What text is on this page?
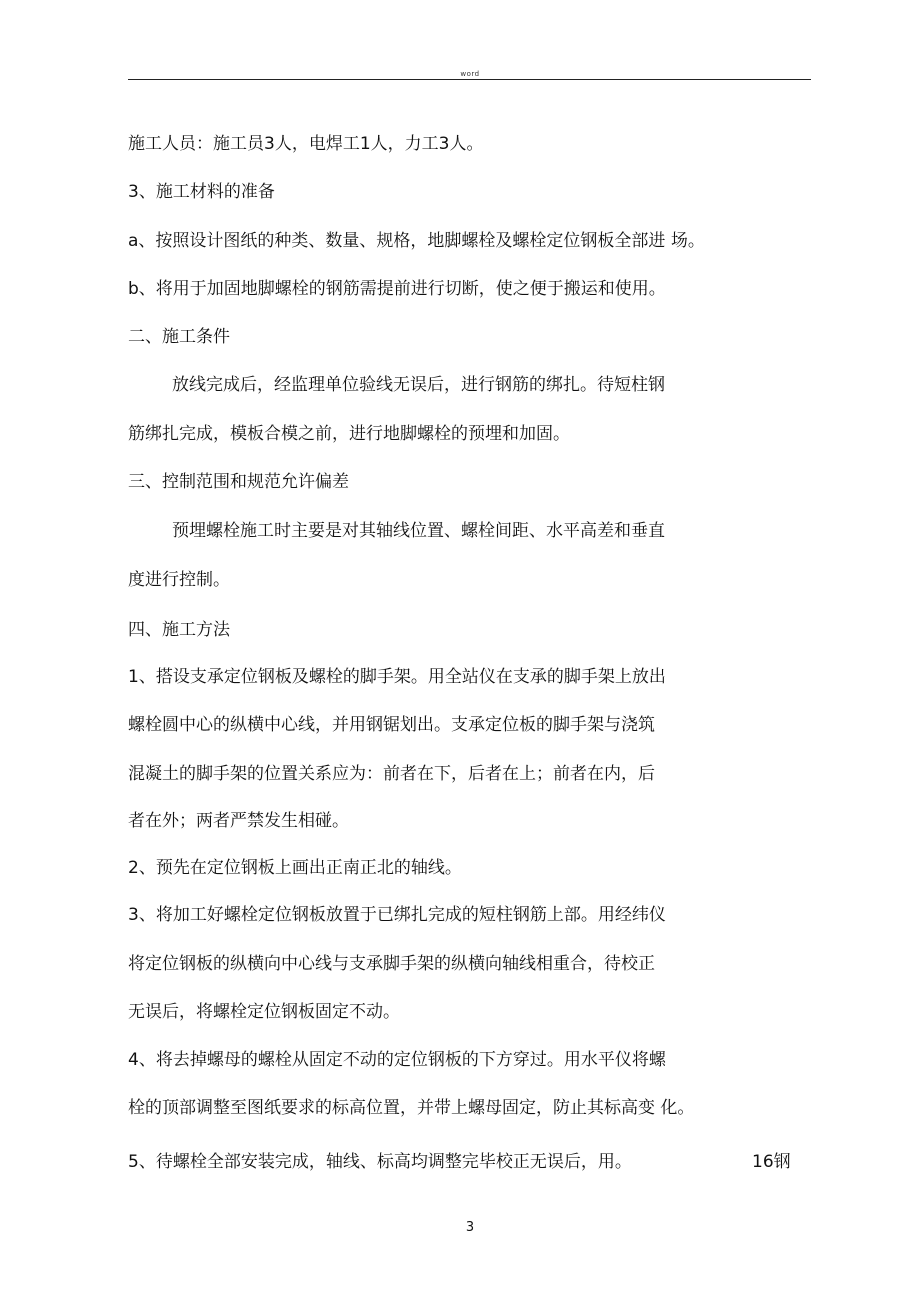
word
施工人员：施工员3人，电焊工1人，力工3人。
3、施工材料的准备
a、按照设计图纸的种类、数量、规格，地脚螺栓及螺栓定位钢板全部进 场。
b、将用于加固地脚螺栓的钢筋需提前进行切断，使之便于搬运和使用。
二、施工条件
放线完成后，经监理单位验线无误后，进行钢筋的绑扎。待短柱钢
筋绑扎完成，模板合模之前，进行地脚螺栓的预埋和加固。
三、控制范围和规范允许偏差
预埋螺栓施工时主要是对其轴线位置、螺栓间距、水平高差和垂直
度进行控制。
四、施工方法
1、搭设支承定位钢板及螺栓的脚手架。用全站仪在支承的脚手架上放出
螺栓圆中心的纵横中心线，并用钢锯划出。支承定位板的脚手架与浇筑
混凝土的脚手架的位置关系应为：前者在下，后者在上；前者在内，后
者在外；两者严禁发生相碰。
2、预先在定位钢板上画出正南正北的轴线。
3、将加工好螺栓定位钢板放置于已绑扎完成的短柱钢筋上部。用经纬仪
将定位钢板的纵横向中心线与支承脚手架的纵横向轴线相重合，待校正
无误后，将螺栓定位钢板固定不动。
4、将去掉螺母的螺栓从固定不动的定位钢板的下方穿过。用水平仪将螺
栓的顶部调整至图纸要求的标高位置，并带上螺母固定，防止其标高变 化。
5、待螺栓全部安装完成，轴线、标高均调整完毕校正无误后，用。	16钢
3
